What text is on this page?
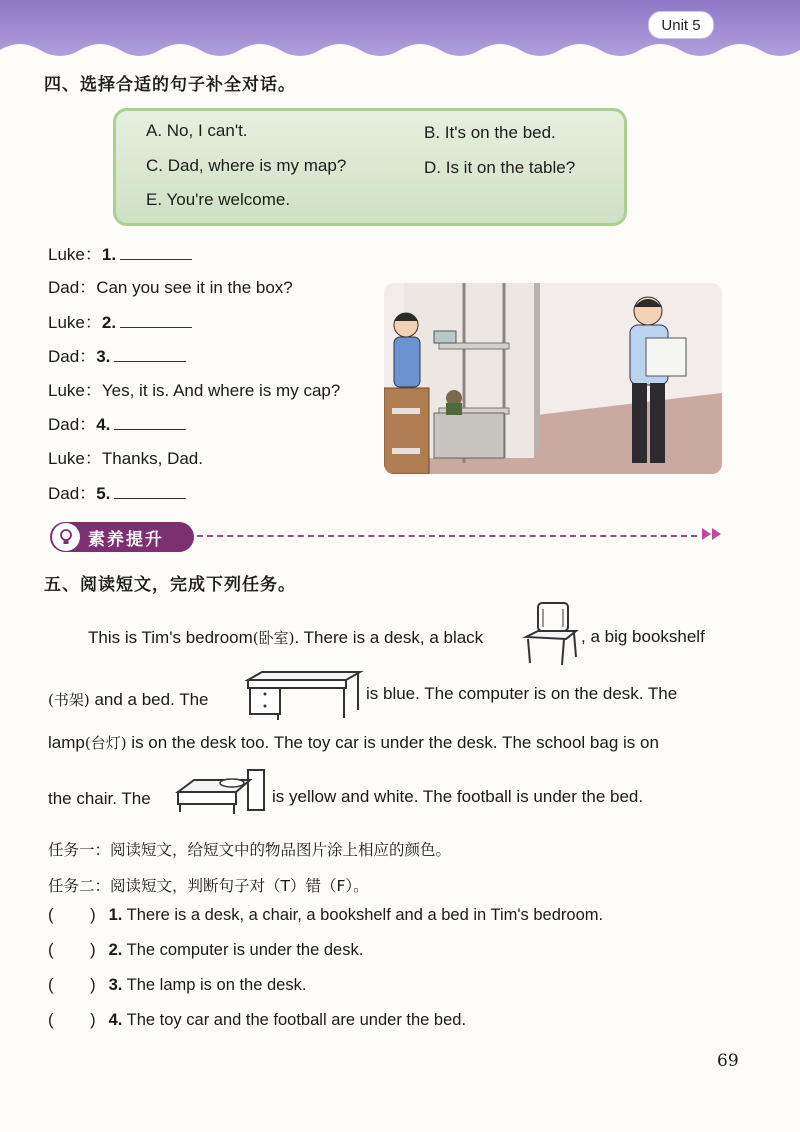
Unit 5
四、选择合适的句子补全对话。
A. No, I can't.	B. It's on the bed.
C. Dad, where is my map?	D. Is it on the table?
E. You're welcome.
Luke：1.
Dad：Can you see it in the box?
Luke：2.
Dad：3.
Luke：Yes, it is. And where is my cap?
Dad：4.
Luke：Thanks, Dad.
Dad：5.
素养提升
五、阅读短文，完成下列任务。
This is Tim's bedroom(卧室). There is a desk, a black	, a big bookshelf
(书架) and a bed. The	is blue. The computer is on the desk. The
lamp(台灯) is on the desk too. The toy car is under the desk. The school bag is on
the chair. The	is yellow and white. The football is under the bed.
任务一：阅读短文，给短文中的物品图片涂上相应的颜色。
任务二：阅读短文，判断句子对（T）错（F）。
(        ) 1. There is a desk, a chair, a bookshelf and a bed in Tim's bedroom.
(        ) 2. The computer is under the desk.
(        ) 3. The lamp is on the desk.
(        ) 4. The toy car and the football are under the bed.
69
